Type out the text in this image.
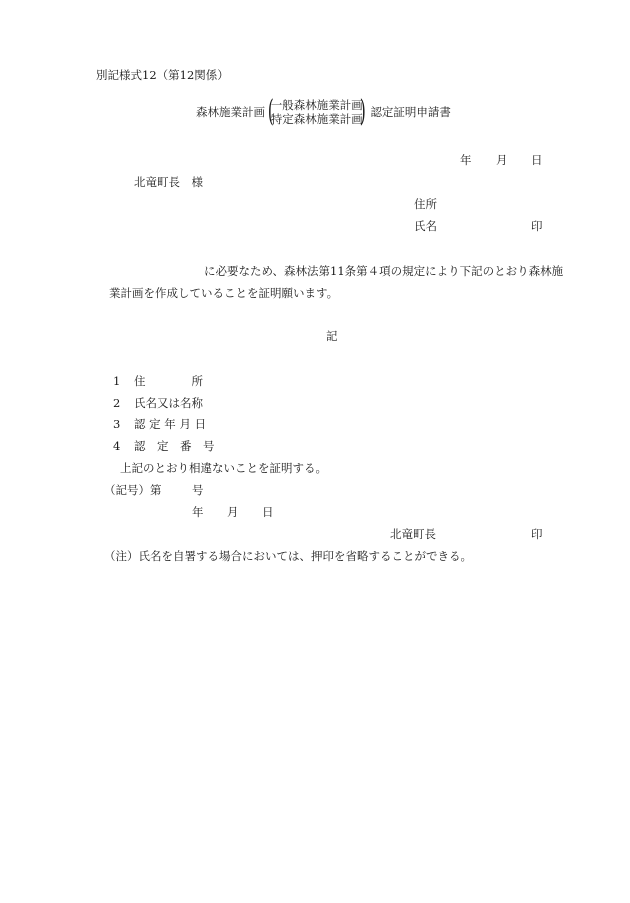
別記様式12（第12関係）
森林施業計画 (
一般森林施業計画
特定森林施業計画
) 認定証明申請書
年 月 日
北竜町長　様
住所
氏名	印
に必要なため、森林法第11条第４項の規定により下記のとおり森林施
業計画を作成していることを証明願います。
記
1 住　　　　所
2 氏名又は名称
3 認 定 年 月 日
4 認　定　番　号
上記のとおり相違ないことを証明する。
（記号）第	号
年 月 日
北竜町長	印
（注）氏名を自署する場合においては、押印を省略することができる。
